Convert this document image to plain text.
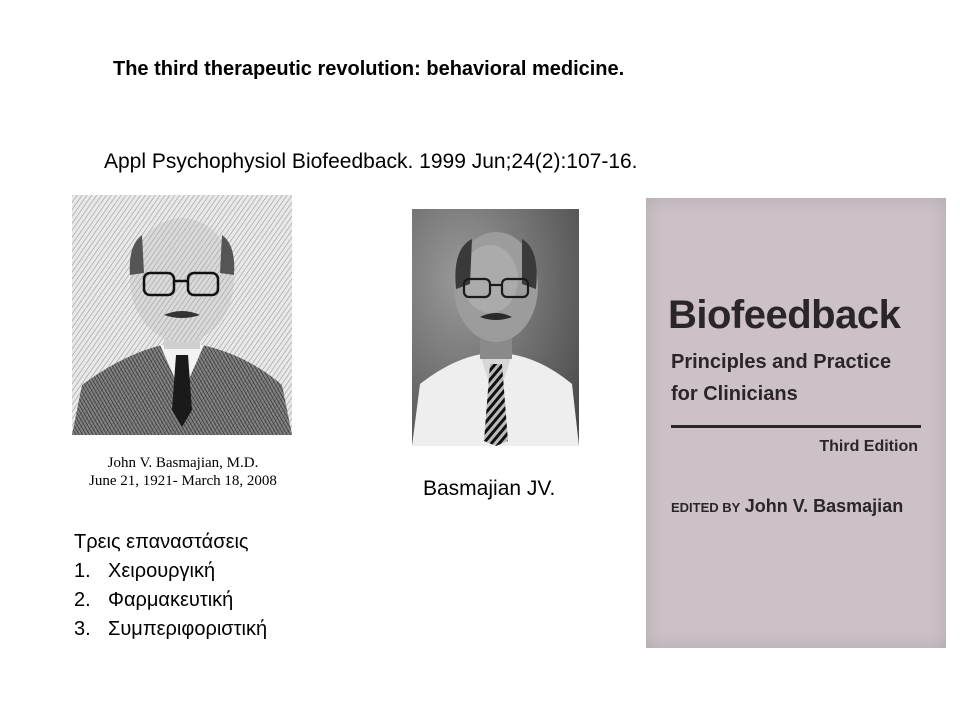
The third therapeutic revolution: behavioral medicine.
Appl Psychophysiol Biofeedback. 1999 Jun;24(2):107-16.
John V. Basmajian, M.D.
June 21, 1921- March 18, 2008	Basmajian JV.
Biofeedback
Principles and Practice
for Clinicians
Third Edition
EDITED BY John V. Basmajian
Τρεις επαναστάσεις
1. Χειρουργική
2. Φαρμακευτική
3. Συμπεριφοριστική
